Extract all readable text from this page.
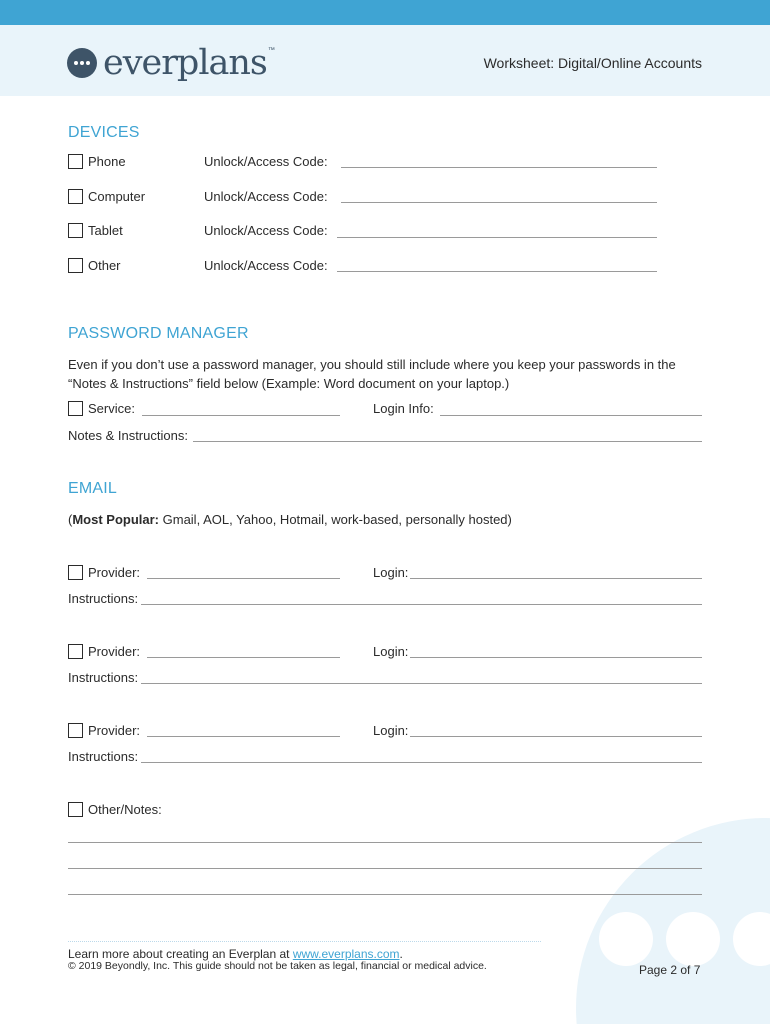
everplans ™
Worksheet: Digital/Online Accounts
DEVICES
Phone	Unlock/Access Code:
Computer	Unlock/Access Code:
Tablet	Unlock/Access Code:
Other	Unlock/Access Code:
PASSWORD MANAGER
Even if you don’t use a password manager, you should still include where you keep your passwords in the “Notes & Instructions” field below (Example: Word document on your laptop.)
Service:	Login Info:
Notes & Instructions:
EMAIL
(Most Popular: Gmail, AOL, Yahoo, Hotmail, work-based, personally hosted)
Provider:	Login:
Instructions:
Provider:	Login:
Instructions:
Provider:	Login:
Instructions:
Other/Notes:
Learn more about creating an Everplan at www.everplans.com.
© 2019 Beyondly, Inc. This guide should not be taken as legal, financial or medical advice.	Page 2 of 7
